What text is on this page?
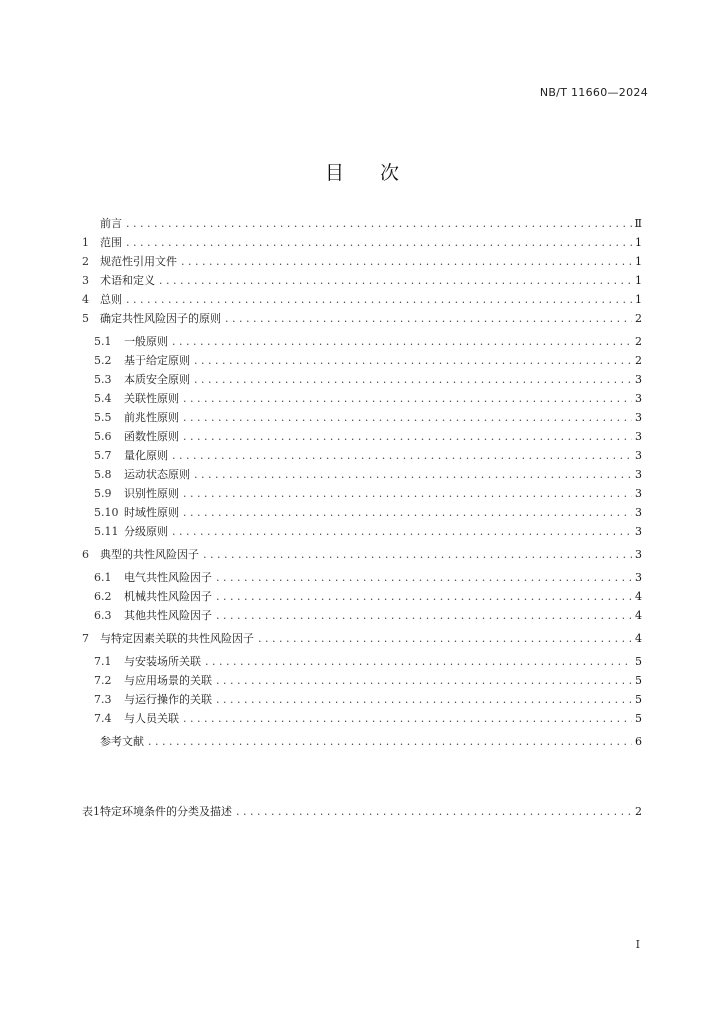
NB/T 11660—2024
目次
前言 . . .	Ⅱ
1	范围 . . .	1
2	规范性引用文件 . . .	1
3	术语和定义 . . .	1
4	总则 . . .	1
5	确定共性风险因子的原则 . . .	2
5.1	一般原则 . . .	2
5.2	基于给定原则 . . .	2
5.3	本质安全原则 . . .	3
5.4	关联性原则 . . .	3
5.5	前兆性原则 . . .	3
5.6	函数性原则 . . .	3
5.7	量化原则 . . .	3
5.8	运动状态原则 . . .	3
5.9	识别性原则 . . .	3
5.10 时域性原则 . . .	3
5.11 分级原则 . . .	3
6	典型的共性风险因子 . . .	3
6.1	电气共性风险因子 . . .	3
6.2	机械共性风险因子 . . .	4
6.3	其他共性风险因子 . . .	4
7	与特定因素关联的共性风险因子 . . .	4
7.1	与安装场所关联 . . .	5
7.2	与应用场景的关联 . . .	5
7.3	与运行操作的关联 . . .	5
7.4	与人员关联 . . .	5
参考文献 . . .	6
表1 特定环境条件的分类及描述 . . .	2
I
